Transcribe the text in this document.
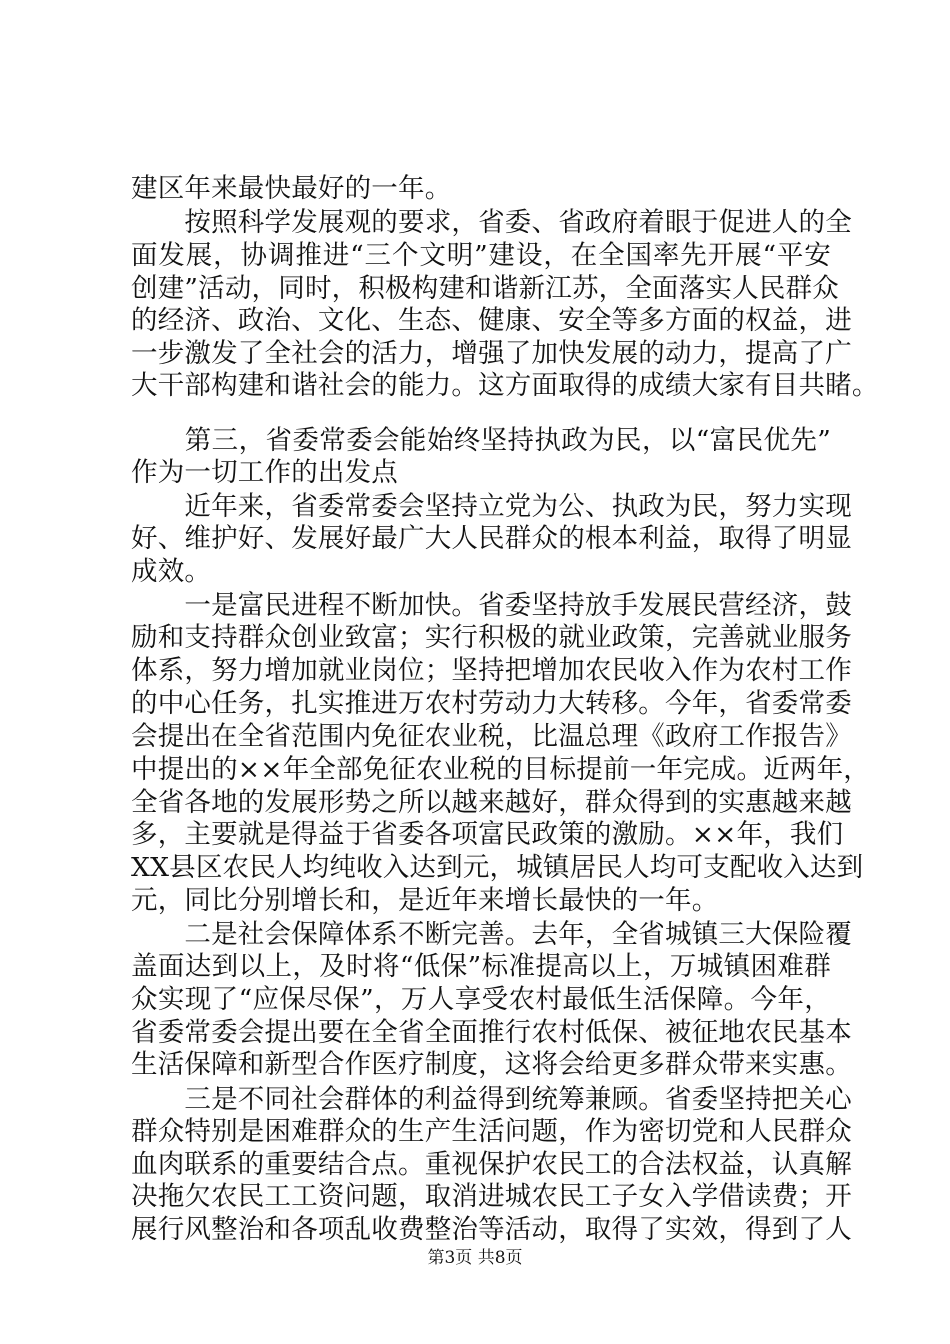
建区年来最快最好的一年。
　　按照科学发展观的要求，省委、省政府着眼于促进人的全
面发展，协调推进“三个文明”建设，在全国率先开展“平安
创建”活动，同时，积极构建和谐新江苏，全面落实人民群众
的经济、政治、文化、生态、健康、安全等多方面的权益，进
一步激发了全社会的活力，增强了加快发展的动力，提高了广
大干部构建和谐社会的能力。这方面取得的成绩大家有目共睹。
　　第三，省委常委会能始终坚持执政为民，以“富民优先”
作为一切工作的出发点
　　近年来，省委常委会坚持立党为公、执政为民，努力实现
好、维护好、发展好最广大人民群众的根本利益，取得了明显
成效。
　　一是富民进程不断加快。省委坚持放手发展民营经济，鼓
励和支持群众创业致富；实行积极的就业政策，完善就业服务
体系，努力增加就业岗位；坚持把增加农民收入作为农村工作
的中心任务，扎实推进万农村劳动力大转移。今年，省委常委
会提出在全省范围内免征农业税，比温总理《政府工作报告》
中提出的××年全部免征农业税的目标提前一年完成。近两年，
全省各地的发展形势之所以越来越好，群众得到的实惠越来越
多，主要就是得益于省委各项富民政策的激励。××年，我们
XX县区农民人均纯收入达到元，城镇居民人均可支配收入达到
元，同比分别增长和，是近年来增长最快的一年。
　　二是社会保障体系不断完善。去年，全省城镇三大保险覆
盖面达到以上，及时将“低保”标准提高以上，万城镇困难群
众实现了“应保尽保”，万人享受农村最低生活保障。今年，
省委常委会提出要在全省全面推行农村低保、被征地农民基本
生活保障和新型合作医疗制度，这将会给更多群众带来实惠。
　　三是不同社会群体的利益得到统筹兼顾。省委坚持把关心
群众特别是困难群众的生产生活问题，作为密切党和人民群众
血肉联系的重要结合点。重视保护农民工的合法权益，认真解
决拖欠农民工工资问题，取消进城农民工子女入学借读费；开
展行风整治和各项乱收费整治等活动，取得了实效，得到了人
第3页 共8页
